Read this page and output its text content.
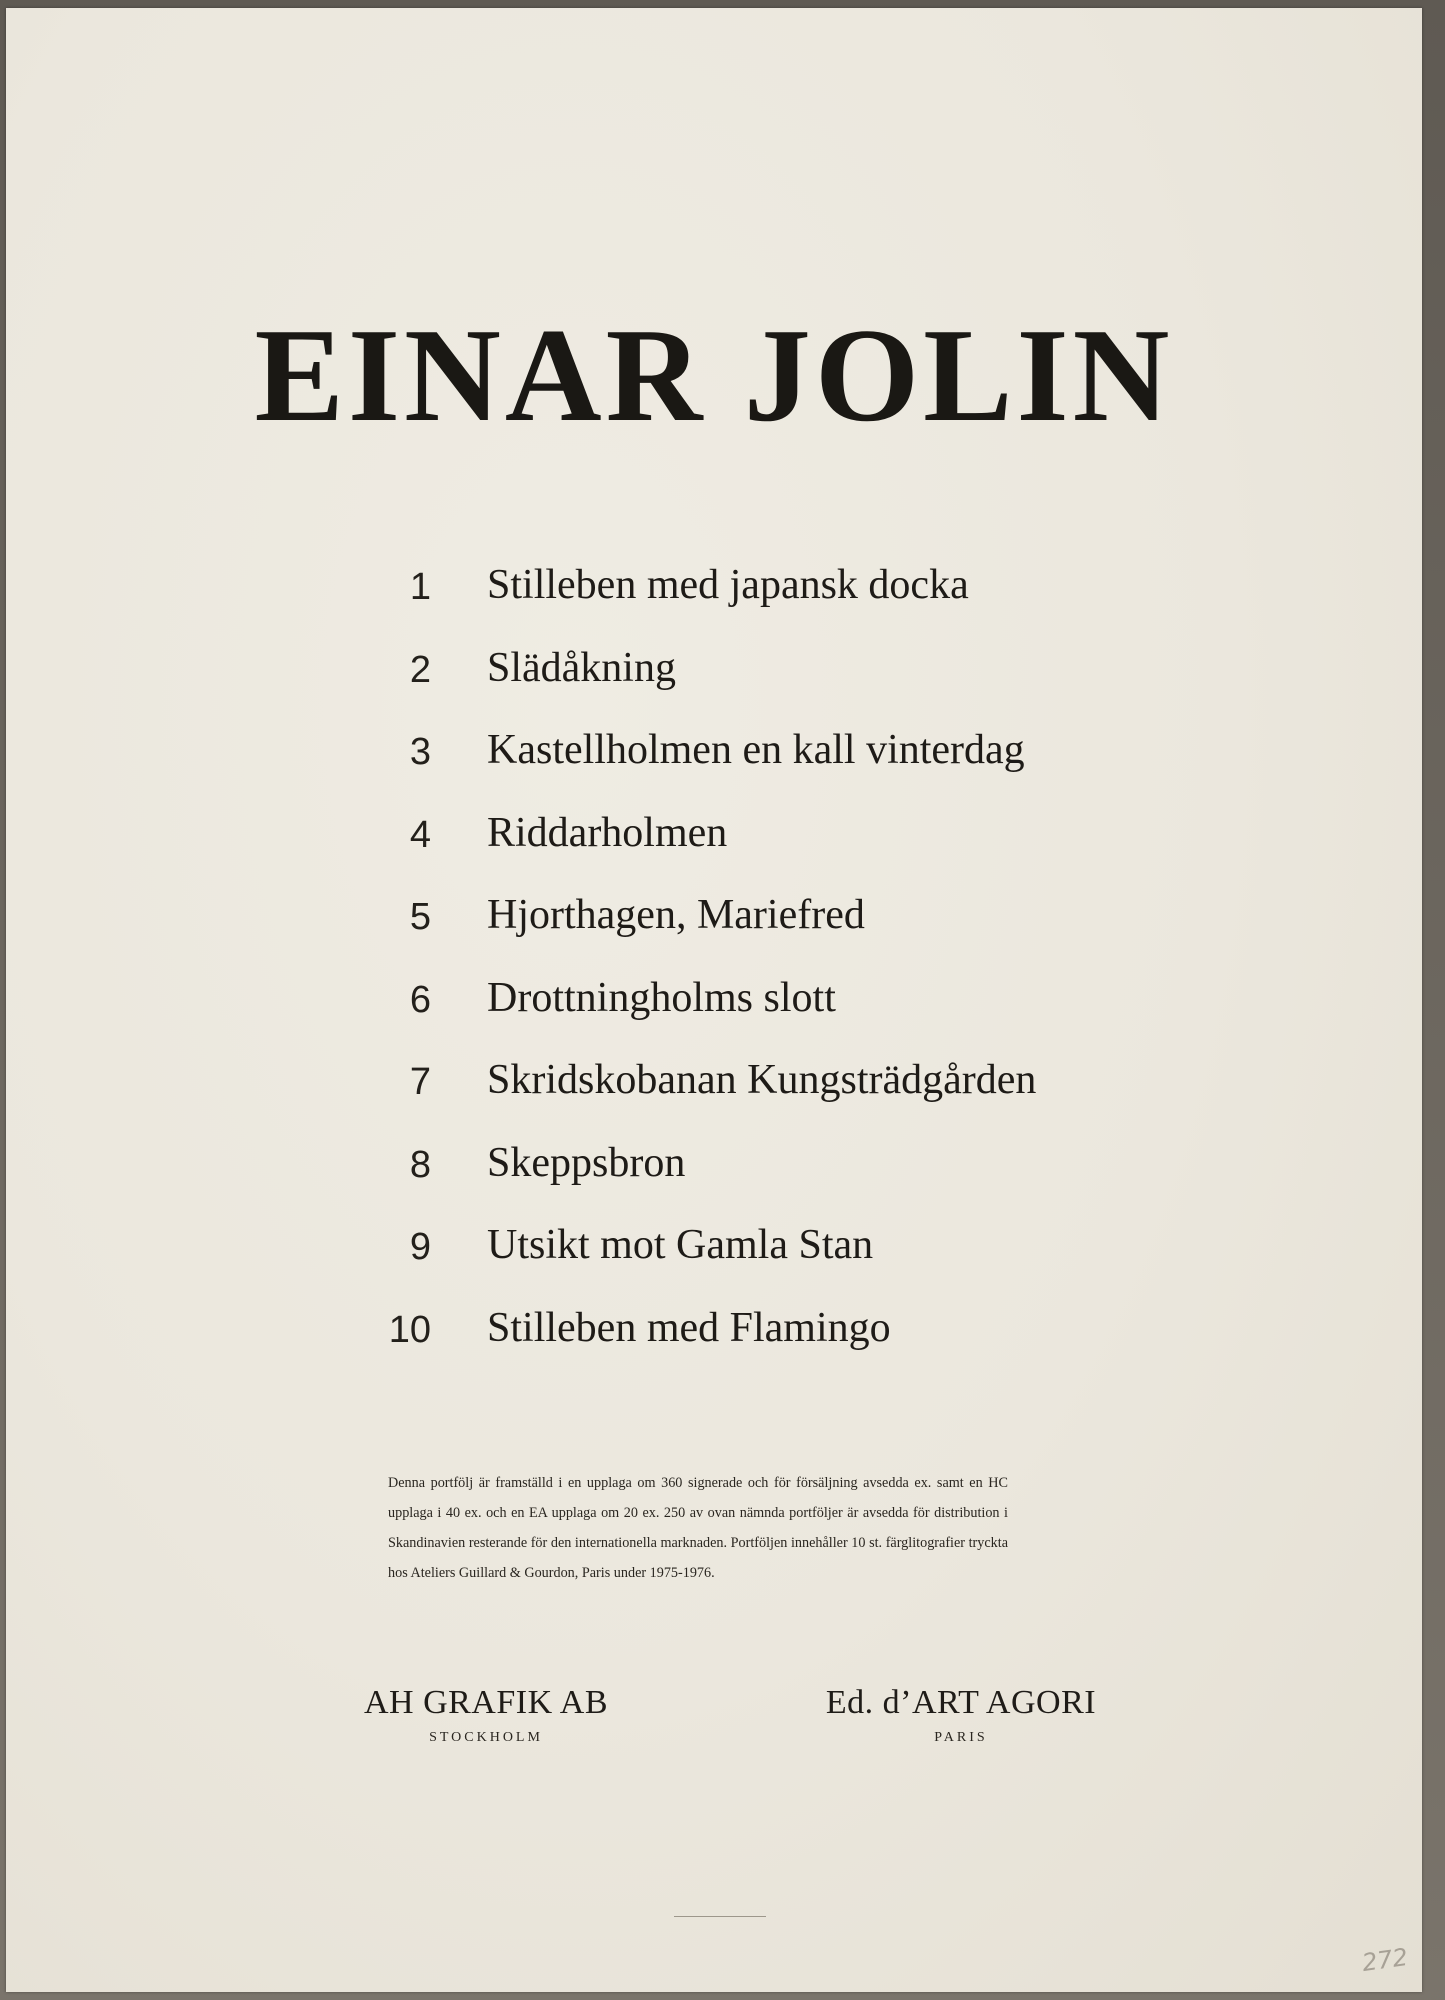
EINAR JOLIN
1 Stilleben med japansk docka
2 Slädåkning
3 Kastellholmen en kall vinterdag
4 Riddarholmen
5 Hjorthagen, Mariefred
6 Drottningholms slott
7 Skridskobanan Kungsträdgården
8 Skeppsbron
9 Utsikt mot Gamla Stan
10 Stilleben med Flamingo
Denna portfölj är framställd i en upplaga om 360 signerade och för försäljning avsedda ex. samt en HC upplaga i 40 ex. och en EA upplaga om 20 ex. 250 av ovan nämnda portföljer är avsedda för distribution i Skandinavien resterande för den internationella marknaden. Portföljen innehåller 10 st. färglitografier tryckta hos Ateliers Guillard & Gourdon, Paris under 1975-1976.
AH GRAFIK AB
STOCKHOLM
Ed. d’ART AGORI
PARIS
272
